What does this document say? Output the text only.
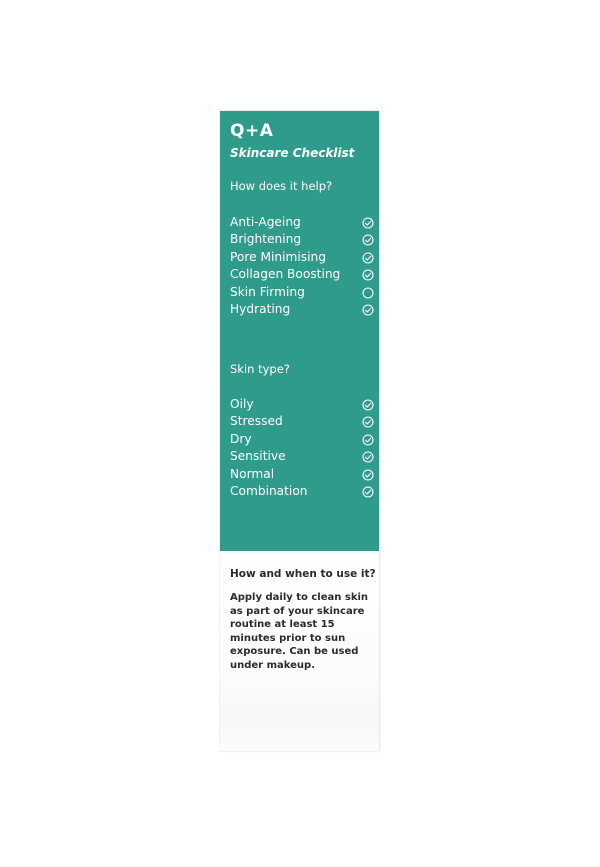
Q+A
Skincare Checklist
How does it help?
Anti-Ageing
Brightening
Pore Minimising
Collagen Boosting
Skin Firming
Hydrating
Skin type?
Oily
Stressed
Dry
Sensitive
Normal
Combination
How and when to use it?
Apply daily to clean skin as part of your skincare routine at least 15 minutes prior to sun exposure. Can be used under makeup.
